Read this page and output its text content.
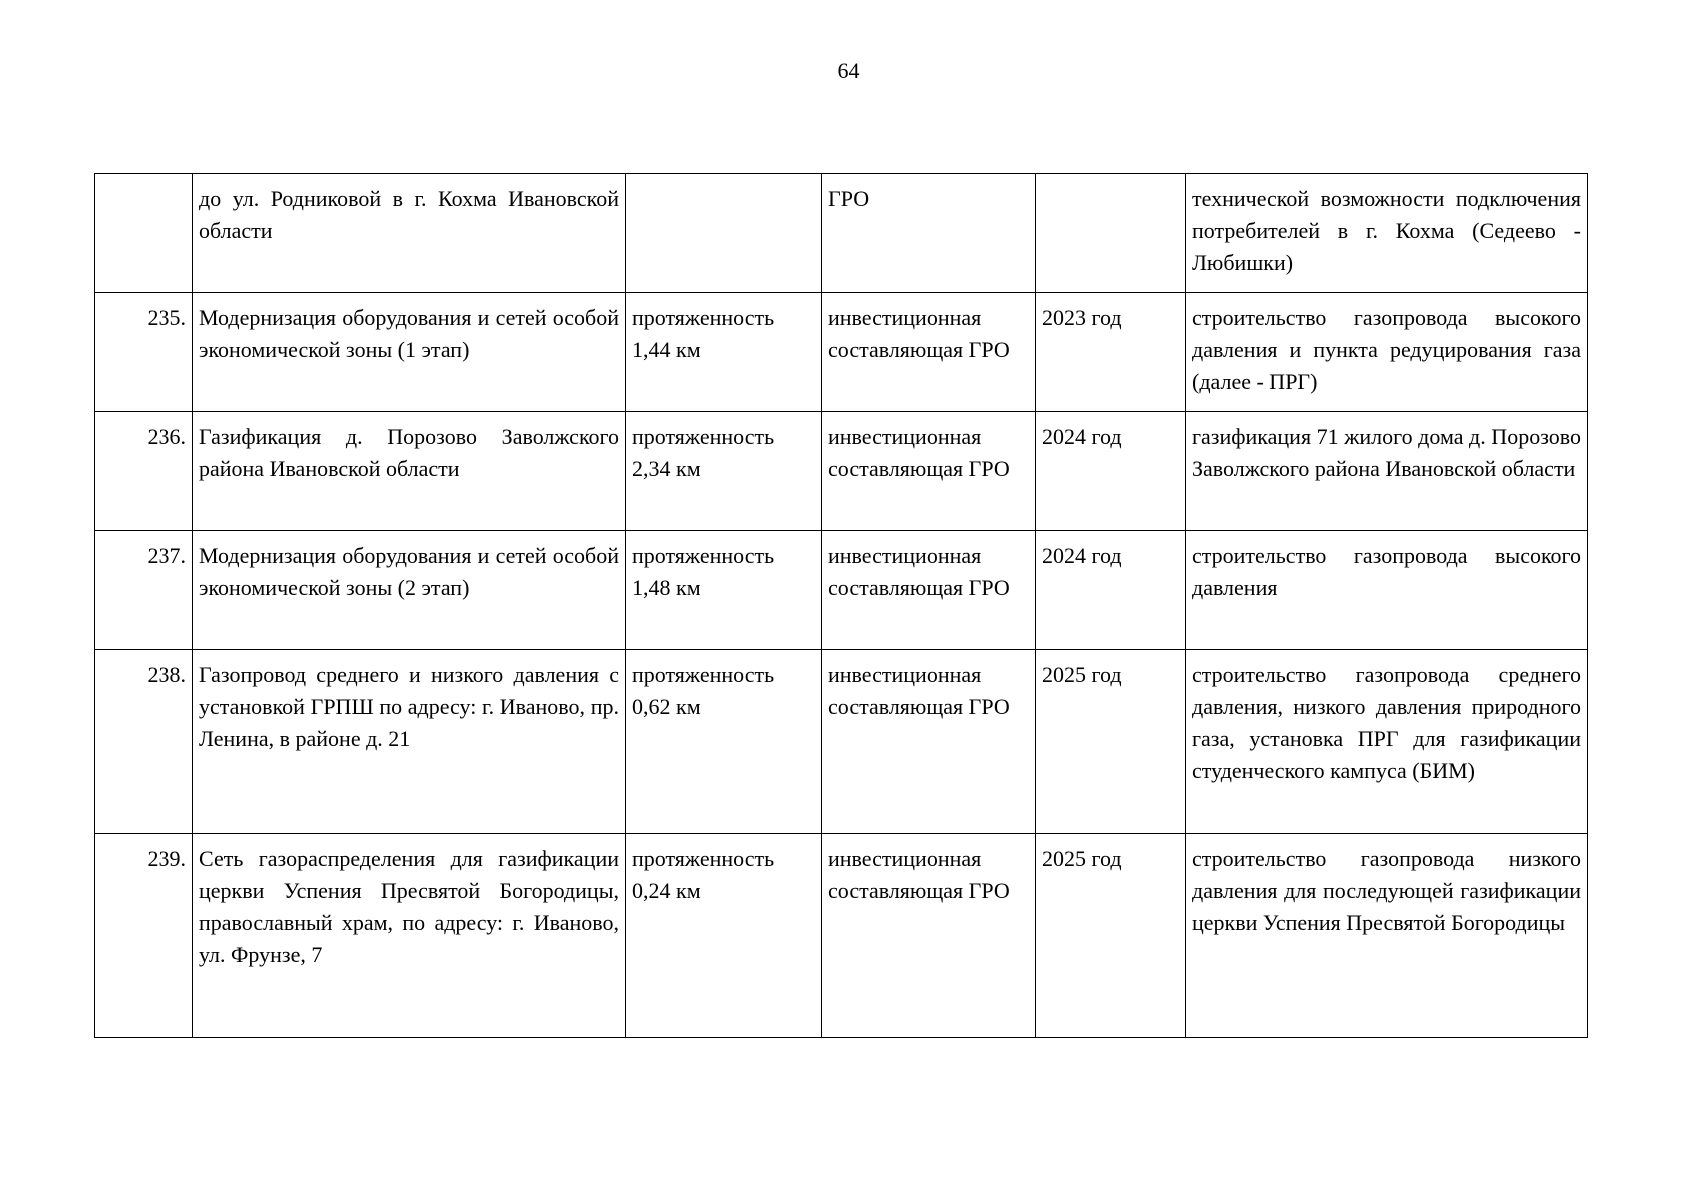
64
	до ул. Родниковой в г. Кохма Ивановской области		ГРО		технической возможности подключения потребителей в г. Кохма (Седеево - Любишки)
235.	Модернизация оборудования и сетей особой экономической зоны (1 этап)	протяженность 1,44 км	инвестиционная составляющая ГРО	2023 год	строительство газопровода высокого давления и пункта редуцирования газа (далее - ПРГ)
236.	Газификация д. Порозово Заволжского района Ивановской области	протяженность 2,34 км	инвестиционная составляющая ГРО	2024 год	газификация 71 жилого дома д. Порозово Заволжского района Ивановской области
237.	Модернизация оборудования и сетей особой экономической зоны (2 этап)	протяженность 1,48 км	инвестиционная составляющая ГРО	2024 год	строительство газопровода высокого давления
238.	Газопровод среднего и низкого давления с установкой ГРПШ по адресу: г. Иваново, пр. Ленина, в районе д. 21	протяженность 0,62 км	инвестиционная составляющая ГРО	2025 год	строительство газопровода среднего давления, низкого давления природного газа, установка ПРГ для газификации студенческого кампуса (БИМ)
239.	Сеть газораспределения для газификации церкви Успения Пресвятой Богородицы, православный храм, по адресу: г. Иваново, ул. Фрунзе, 7	протяженность 0,24 км	инвестиционная составляющая ГРО	2025 год	строительство газопровода низкого давления для последующей газификации церкви Успения Пресвятой Богородицы
